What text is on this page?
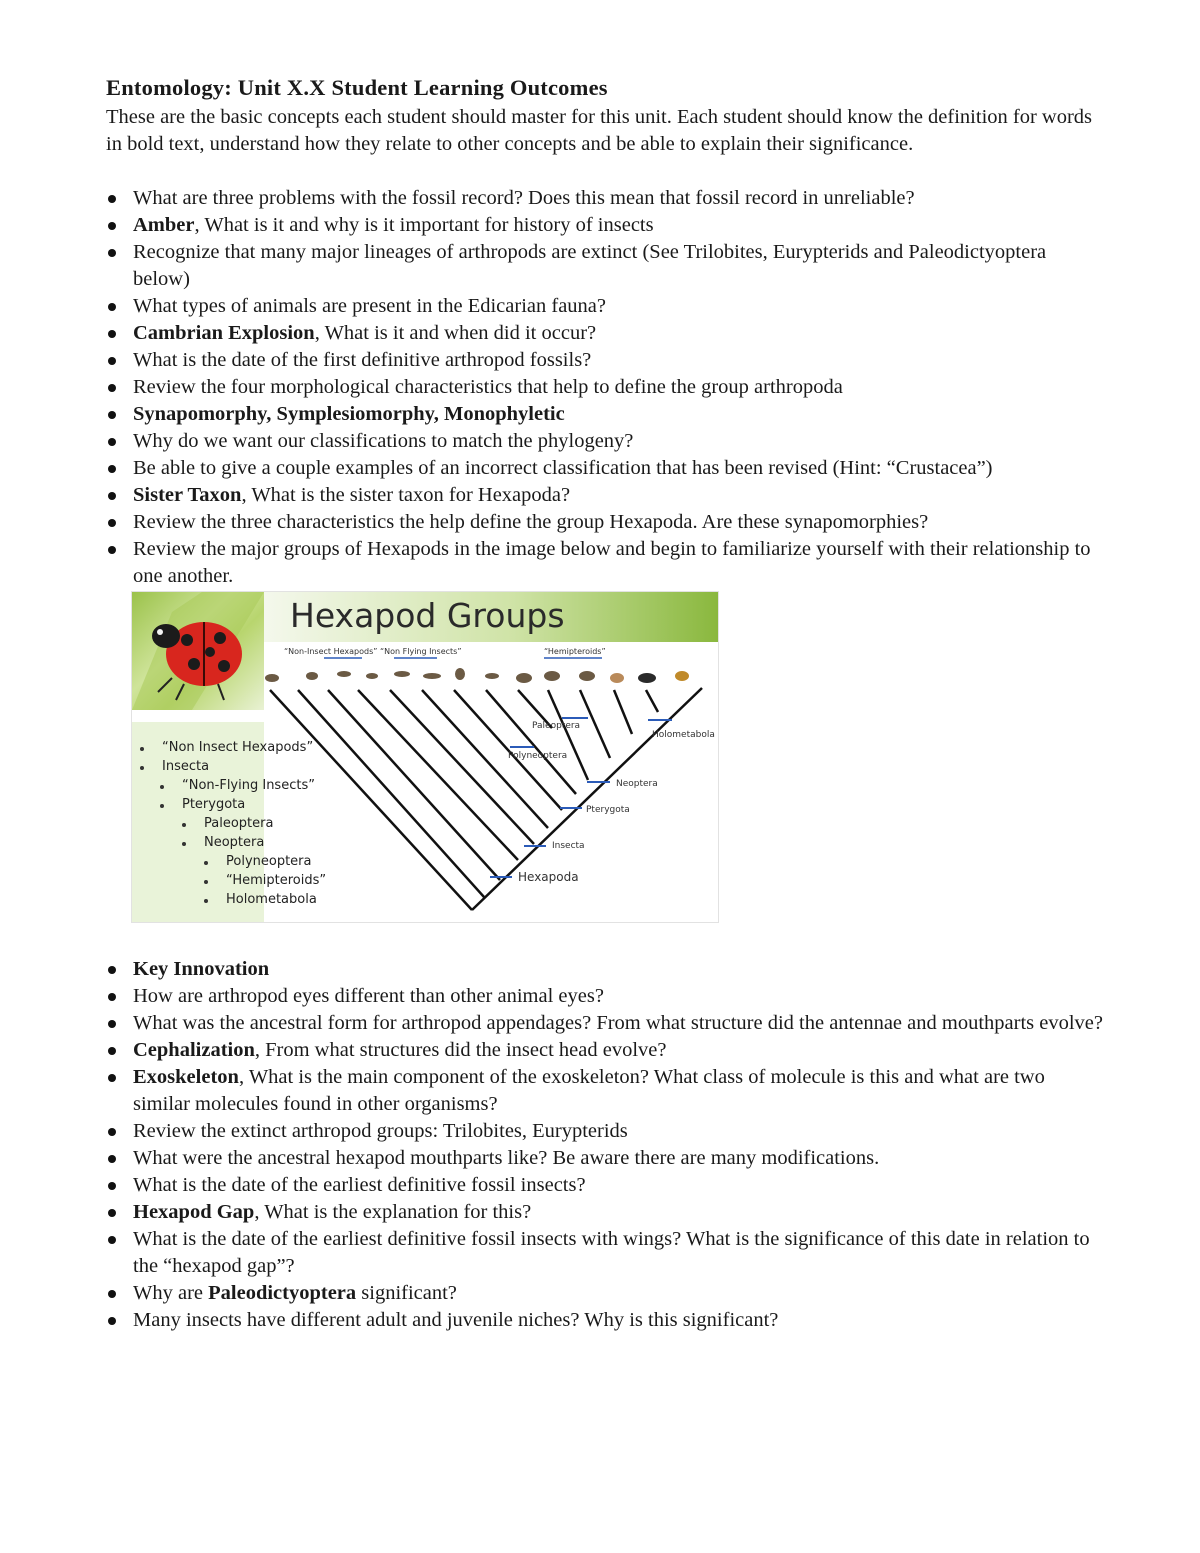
Entomology: Unit X.X Student Learning Outcomes

These are the basic concepts each student should master for this unit. Each student should know the definition for words in bold text, understand how they relate to other concepts and be able to explain their significance.

What are three problems with the fossil record? Does this mean that fossil record in unreliable?
Amber, What is it and why is it important for history of insects
Recognize that many major lineages of arthropods are extinct (See Trilobites, Eurypterids and Paleodictyoptera below)
What types of animals are present in the Edicarian fauna?
Cambrian Explosion, What is it and when did it occur?
What is the date of the first definitive arthropod fossils?
Review the four morphological characteristics that help to define the group arthropoda
Synapomorphy, Symplesiomorphy, Monophyletic
Why do we want our classifications to match the phylogeny?
Be able to give a couple examples of an incorrect classification that has been revised (Hint: “Crustacea”)
Sister Taxon, What is the sister taxon for Hexapoda?
Review the three characteristics the help define the group Hexapoda. Are these synapomorphies?
Review the major groups of Hexapods in the image below and begin to familiarize yourself with their relationship to one another.
Hexapod Groups
“Non Insect Hexapods”
Insecta
“Non-Flying Insects”
Pterygota
Paleoptera
Neoptera
Polyneoptera
“Hemipteroids”
Holometabola
“Non-Insect Hexapods” “Non Flying Insects”	“Hemipteroids”
Paleoptera
Polyneoptera
Neoptera
Pterygota
Insecta
Hexapoda
Holometabola
Key Innovation
How are arthropod eyes different than other animal eyes?
What was the ancestral form for arthropod appendages? From what structure did the antennae and mouthparts evolve?
Cephalization, From what structures did the insect head evolve?
Exoskeleton, What is the main component of the exoskeleton? What class of molecule is this and what are two similar molecules found in other organisms?
Review the extinct arthropod groups: Trilobites, Eurypterids
What were the ancestral hexapod mouthparts like? Be aware there are many modifications.
What is the date of the earliest definitive fossil insects?
Hexapod Gap, What is the explanation for this?
What is the date of the earliest definitive fossil insects with wings? What is the significance of this date in relation to the “hexapod gap”?
Why are Paleodictyoptera significant?
Many insects have different adult and juvenile niches? Why is this significant?
